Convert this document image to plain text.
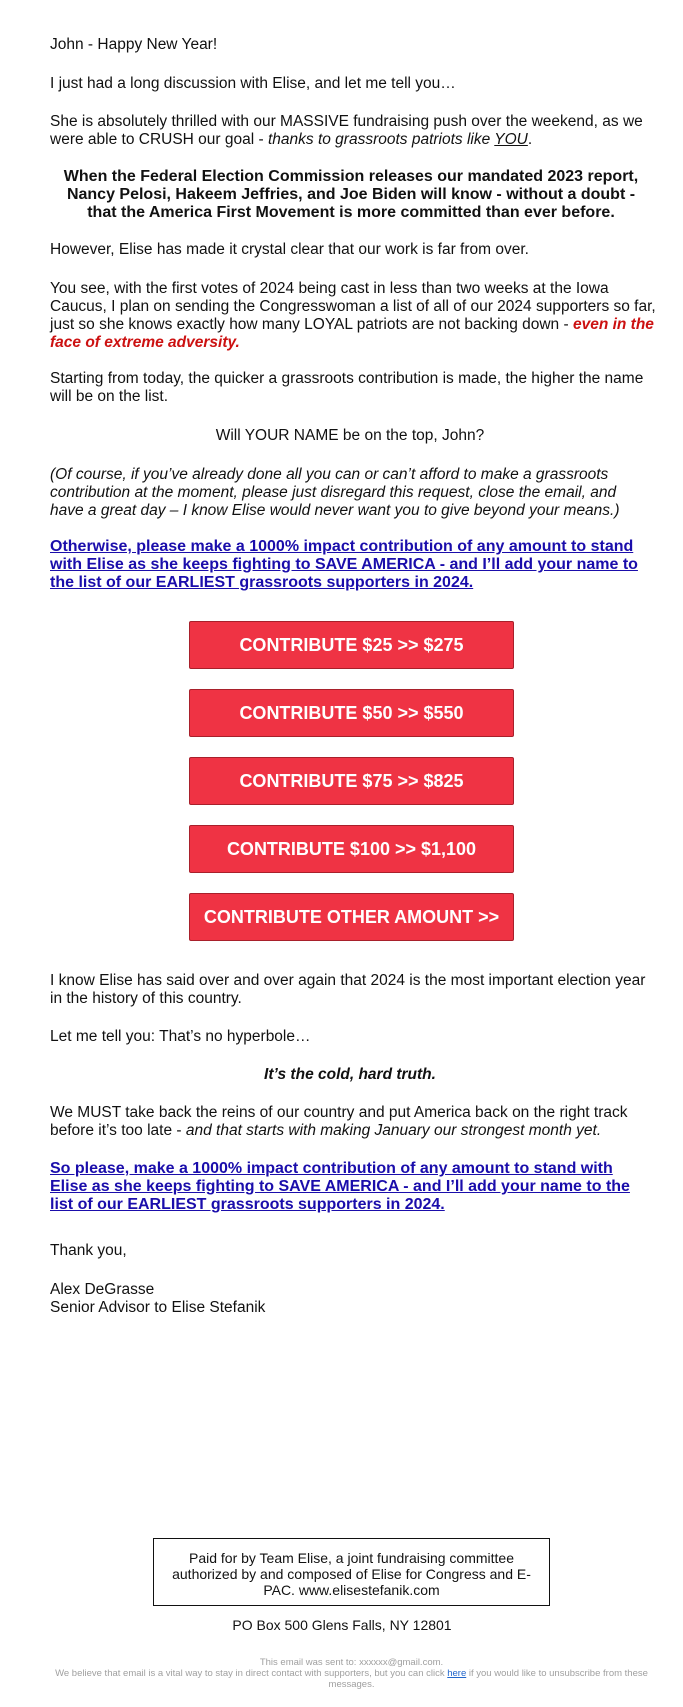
John - Happy New Year!

I just had a long discussion with Elise, and let me tell you…

She is absolutely thrilled with our MASSIVE fundraising push over the weekend, as we were able to CRUSH our goal - thanks to grassroots patriots like YOU.

When the Federal Election Commission releases our mandated 2023 report, Nancy Pelosi, Hakeem Jeffries, and Joe Biden will know - without a doubt - that the America First Movement is more committed than ever before.

However, Elise has made it crystal clear that our work is far from over.

You see, with the first votes of 2024 being cast in less than two weeks at the Iowa Caucus, I plan on sending the Congresswoman a list of all of our 2024 supporters so far, just so she knows exactly how many LOYAL patriots are not backing down - even in the face of extreme adversity.

Starting from today, the quicker a grassroots contribution is made, the higher the name will be on the list.

Will YOUR NAME be on the top, John?

(Of course, if you’ve already done all you can or can’t afford to make a grassroots contribution at the moment, please just disregard this request, close the email, and have a great day – I know Elise would never want you to give beyond your means.)

Otherwise, please make a 1000% impact contribution of any amount to stand with Elise as she keeps fighting to SAVE AMERICA - and I’ll add your name to the list of our EARLIEST grassroots supporters in 2024.
CONTRIBUTE $25 >> $275
CONTRIBUTE $50 >> $550
CONTRIBUTE $75 >> $825
CONTRIBUTE $100 >> $1,100
CONTRIBUTE OTHER AMOUNT >>

I know Elise has said over and over again that 2024 is the most important election year in the history of this country.

Let me tell you: That’s no hyperbole…

It’s the cold, hard truth.

We MUST take back the reins of our country and put America back on the right track before it’s too late - and that starts with making January our strongest month yet.

So please, make a 1000% impact contribution of any amount to stand with Elise as she keeps fighting to SAVE AMERICA - and I’ll add your name to the list of our EARLIEST grassroots supporters in 2024.

Thank you,

Alex DeGrasse

Senior Advisor to Elise Stefanik

Paid for by Team Elise, a joint fundraising committee authorized by and composed of Elise for Congress and E-PAC. www.elisestefanik.com

PO Box 500 Glens Falls, NY 12801

This email was sent to: xxxxxx@gmail.com.
We believe that email is a vital way to stay in direct contact with supporters, but you can click here if you would like to unsubscribe from these messages.
